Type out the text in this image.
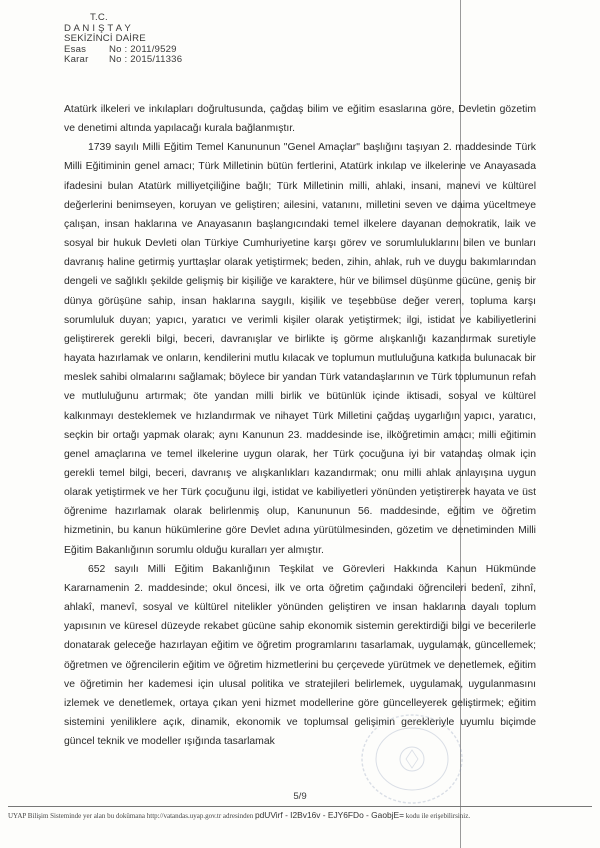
T.C.
D A N I Ş T A Y
SEKİZİNCİ DAİRE
Esas	No : 2011/9529
Karar	No : 2015/11336

Atatürk ilkeleri ve inkılapları doğrultusunda, çağdaş bilim ve eğitim esaslarına göre, Devletin gözetim ve denetimi altında yapılacağı kurala bağlanmıştır.

1739 sayılı Milli Eğitim Temel Kanununun "Genel Amaçlar" başlığını taşıyan 2. maddesinde Türk Milli Eğitiminin genel amacı; Türk Milletinin bütün fertlerini, Atatürk inkılap ve ilkelerine ve Anayasada ifadesini bulan Atatürk milliyetçiliğine bağlı; Türk Milletinin milli, ahlaki, insani, manevi ve kültürel değerlerini benimseyen, koruyan ve geliştiren; ailesini, vatanını, milletini seven ve daima yüceltmeye çalışan, insan haklarına ve Anayasanın başlangıcındaki temel ilkelere dayanan demokratik, laik ve sosyal bir hukuk Devleti olan Türkiye Cumhuriyetine karşı görev ve sorumluluklarını bilen ve bunları davranış haline getirmiş yurttaşlar olarak yetiştirmek; beden, zihin, ahlak, ruh ve duygu bakımlarından dengeli ve sağlıklı şekilde gelişmiş bir kişiliğe ve karaktere, hür ve bilimsel düşünme gücüne, geniş bir dünya görüşüne sahip, insan haklarına saygılı, kişilik ve teşebbüse değer veren, topluma karşı sorumluluk duyan; yapıcı, yaratıcı ve verimli kişiler olarak yetiştirmek; ilgi, istidat ve kabiliyetlerini geliştirerek gerekli bilgi, beceri, davranışlar ve birlikte iş görme alışkanlığı kazandırmak suretiyle hayata hazırlamak ve onların, kendilerini mutlu kılacak ve toplumun mutluluğuna katkıda bulunacak bir meslek sahibi olmalarını sağlamak; böylece bir yandan Türk vatandaşlarının ve Türk toplumunun refah ve mutluluğunu artırmak; öte yandan milli birlik ve bütünlük içinde iktisadi, sosyal ve kültürel kalkınmayı desteklemek ve hızlandırmak ve nihayet Türk Milletini çağdaş uygarlığın yapıcı, yaratıcı, seçkin bir ortağı yapmak olarak; aynı Kanunun 23. maddesinde ise, ilköğretimin amacı; milli eğitimin genel amaçlarına ve temel ilkelerine uygun olarak, her Türk çocuğuna iyi bir vatandaş olmak için gerekli temel bilgi, beceri, davranış ve alışkanlıkları kazandırmak; onu milli ahlak anlayışına uygun olarak yetiştirmek ve her Türk çocuğunu ilgi, istidat ve kabiliyetleri yönünden yetiştirerek hayata ve üst öğrenime hazırlamak olarak belirlenmiş olup, Kanununun 56. maddesinde, eğitim ve öğretim hizmetinin, bu kanun hükümlerine göre Devlet adına yürütülmesinden, gözetim ve denetiminden Milli Eğitim Bakanlığının sorumlu olduğu kuralları yer almıştır.

652 sayılı Milli Eğitim Bakanlığının Teşkilat ve Görevleri Hakkında Kanun Hükmünde Kararnamenin 2. maddesinde; okul öncesi, ilk ve orta öğretim çağındaki öğrencileri bedenî, zihnî, ahlakî, manevî, sosyal ve kültürel nitelikler yönünden geliştiren ve insan haklarına dayalı toplum yapısının ve küresel düzeyde rekabet gücüne sahip ekonomik sistemin gerektirdiği bilgi ve becerilerle donatarak geleceğe hazırlayan eğitim ve öğretim programlarını tasarlamak, uygulamak, güncellemek; öğretmen ve öğrencilerin eğitim ve öğretim hizmetlerini bu çerçevede yürütmek ve denetlemek, eğitim ve öğretimin her kademesi için ulusal politika ve stratejileri belirlemek, uygulamak, uygulanmasını izlemek ve denetlemek, ortaya çıkan yeni hizmet modellerine göre güncelleyerek geliştirmek; eğitim sistemini yeniliklere açık, dinamik, ekonomik ve toplumsal gelişimin gerekleriyle uyumlu biçimde güncel teknik ve modeller ışığında tasarlamak

5/9
UYAP Bilişim Sisteminde yer alan bu dokümana http://vatandas.uyap.gov.tr adresinden pdUVirf - I2Bv16v - EJY6FDo - GaobjE= kodu ile erişebilirsiniz.
